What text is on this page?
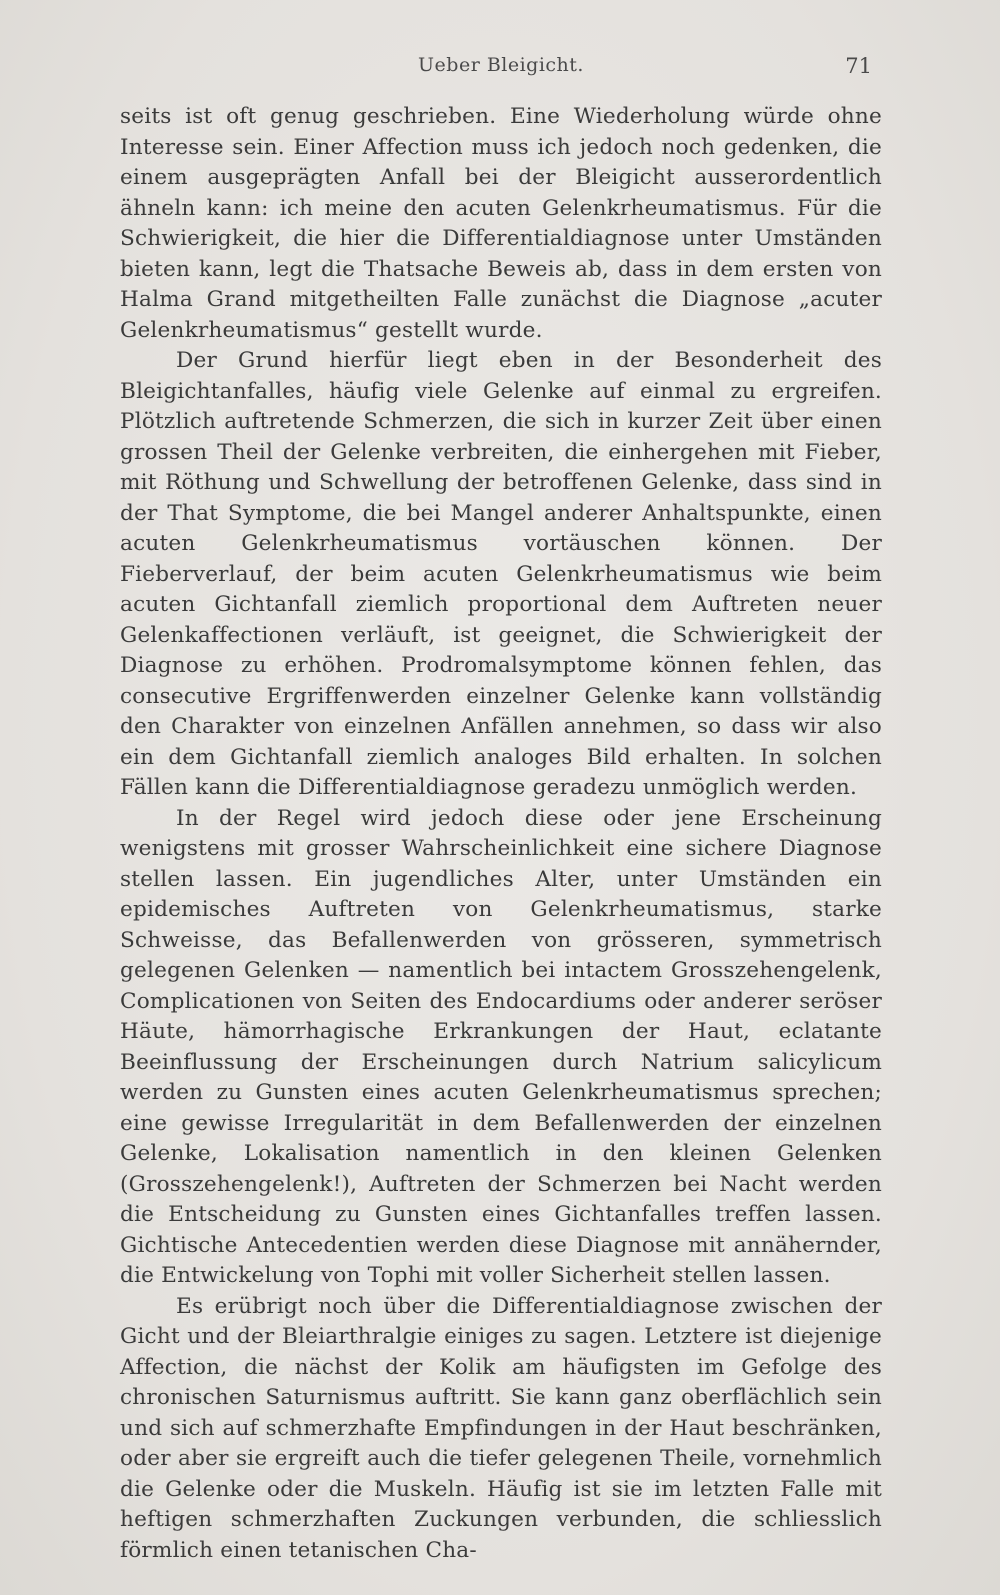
Ueber Bleigicht.	71

seits ist oft genug geschrieben. Eine Wiederholung würde ohne Interesse sein. Einer Affection muss ich jedoch noch gedenken, die einem ausgeprägten Anfall bei der Bleigicht ausserordentlich ähneln kann: ich meine den acuten Gelenkrheumatismus. Für die Schwierigkeit, die hier die Differentialdiagnose unter Umständen bieten kann, legt die Thatsache Beweis ab, dass in dem ersten von Halma Grand mitgetheilten Falle zunächst die Diagnose „acuter Gelenkrheumatismus“ gestellt wurde.

Der Grund hierfür liegt eben in der Besonderheit des Bleigichtanfalles, häufig viele Gelenke auf einmal zu ergreifen. Plötzlich auftretende Schmerzen, die sich in kurzer Zeit über einen grossen Theil der Gelenke verbreiten, die einhergehen mit Fieber, mit Röthung und Schwellung der betroffenen Gelenke, dass sind in der That Symptome, die bei Mangel anderer Anhaltspunkte, einen acuten Gelenkrheumatismus vortäuschen können. Der Fieberverlauf, der beim acuten Gelenkrheumatismus wie beim acuten Gichtanfall ziemlich proportional dem Auftreten neuer Gelenkaffectionen verläuft, ist geeignet, die Schwierigkeit der Diagnose zu erhöhen. Prodromalsymptome können fehlen, das consecutive Ergriffenwerden einzelner Gelenke kann vollständig den Charakter von einzelnen Anfällen annehmen, so dass wir also ein dem Gichtanfall ziemlich analoges Bild erhalten. In solchen Fällen kann die Differentialdiagnose geradezu unmöglich werden.

In der Regel wird jedoch diese oder jene Erscheinung wenigstens mit grosser Wahrscheinlichkeit eine sichere Diagnose stellen lassen. Ein jugendliches Alter, unter Umständen ein epidemisches Auftreten von Gelenkrheumatismus, starke Schweisse, das Befallenwerden von grösseren, symmetrisch gelegenen Gelenken — namentlich bei intactem Grosszehengelenk, Complicationen von Seiten des Endocardiums oder anderer seröser Häute, hämorrhagische Erkrankungen der Haut, eclatante Beeinflussung der Erscheinungen durch Natrium salicylicum werden zu Gunsten eines acuten Gelenkrheumatismus sprechen; eine gewisse Irregularität in dem Befallenwerden der einzelnen Gelenke, Lokalisation namentlich in den kleinen Gelenken (Grosszehengelenk!), Auftreten der Schmerzen bei Nacht werden die Entscheidung zu Gunsten eines Gichtanfalles treffen lassen. Gichtische Antecedentien werden diese Diagnose mit annähernder, die Entwickelung von Tophi mit voller Sicherheit stellen lassen.

Es erübrigt noch über die Differentialdiagnose zwischen der Gicht und der Bleiarthralgie einiges zu sagen. Letztere ist diejenige Affection, die nächst der Kolik am häufigsten im Gefolge des chronischen Saturnismus auftritt. Sie kann ganz oberflächlich sein und sich auf schmerzhafte Empfindungen in der Haut beschränken, oder aber sie ergreift auch die tiefer gelegenen Theile, vornehmlich die Gelenke oder die Muskeln. Häufig ist sie im letzten Falle mit heftigen schmerzhaften Zuckungen verbunden, die schliesslich förmlich einen tetanischen Cha-
